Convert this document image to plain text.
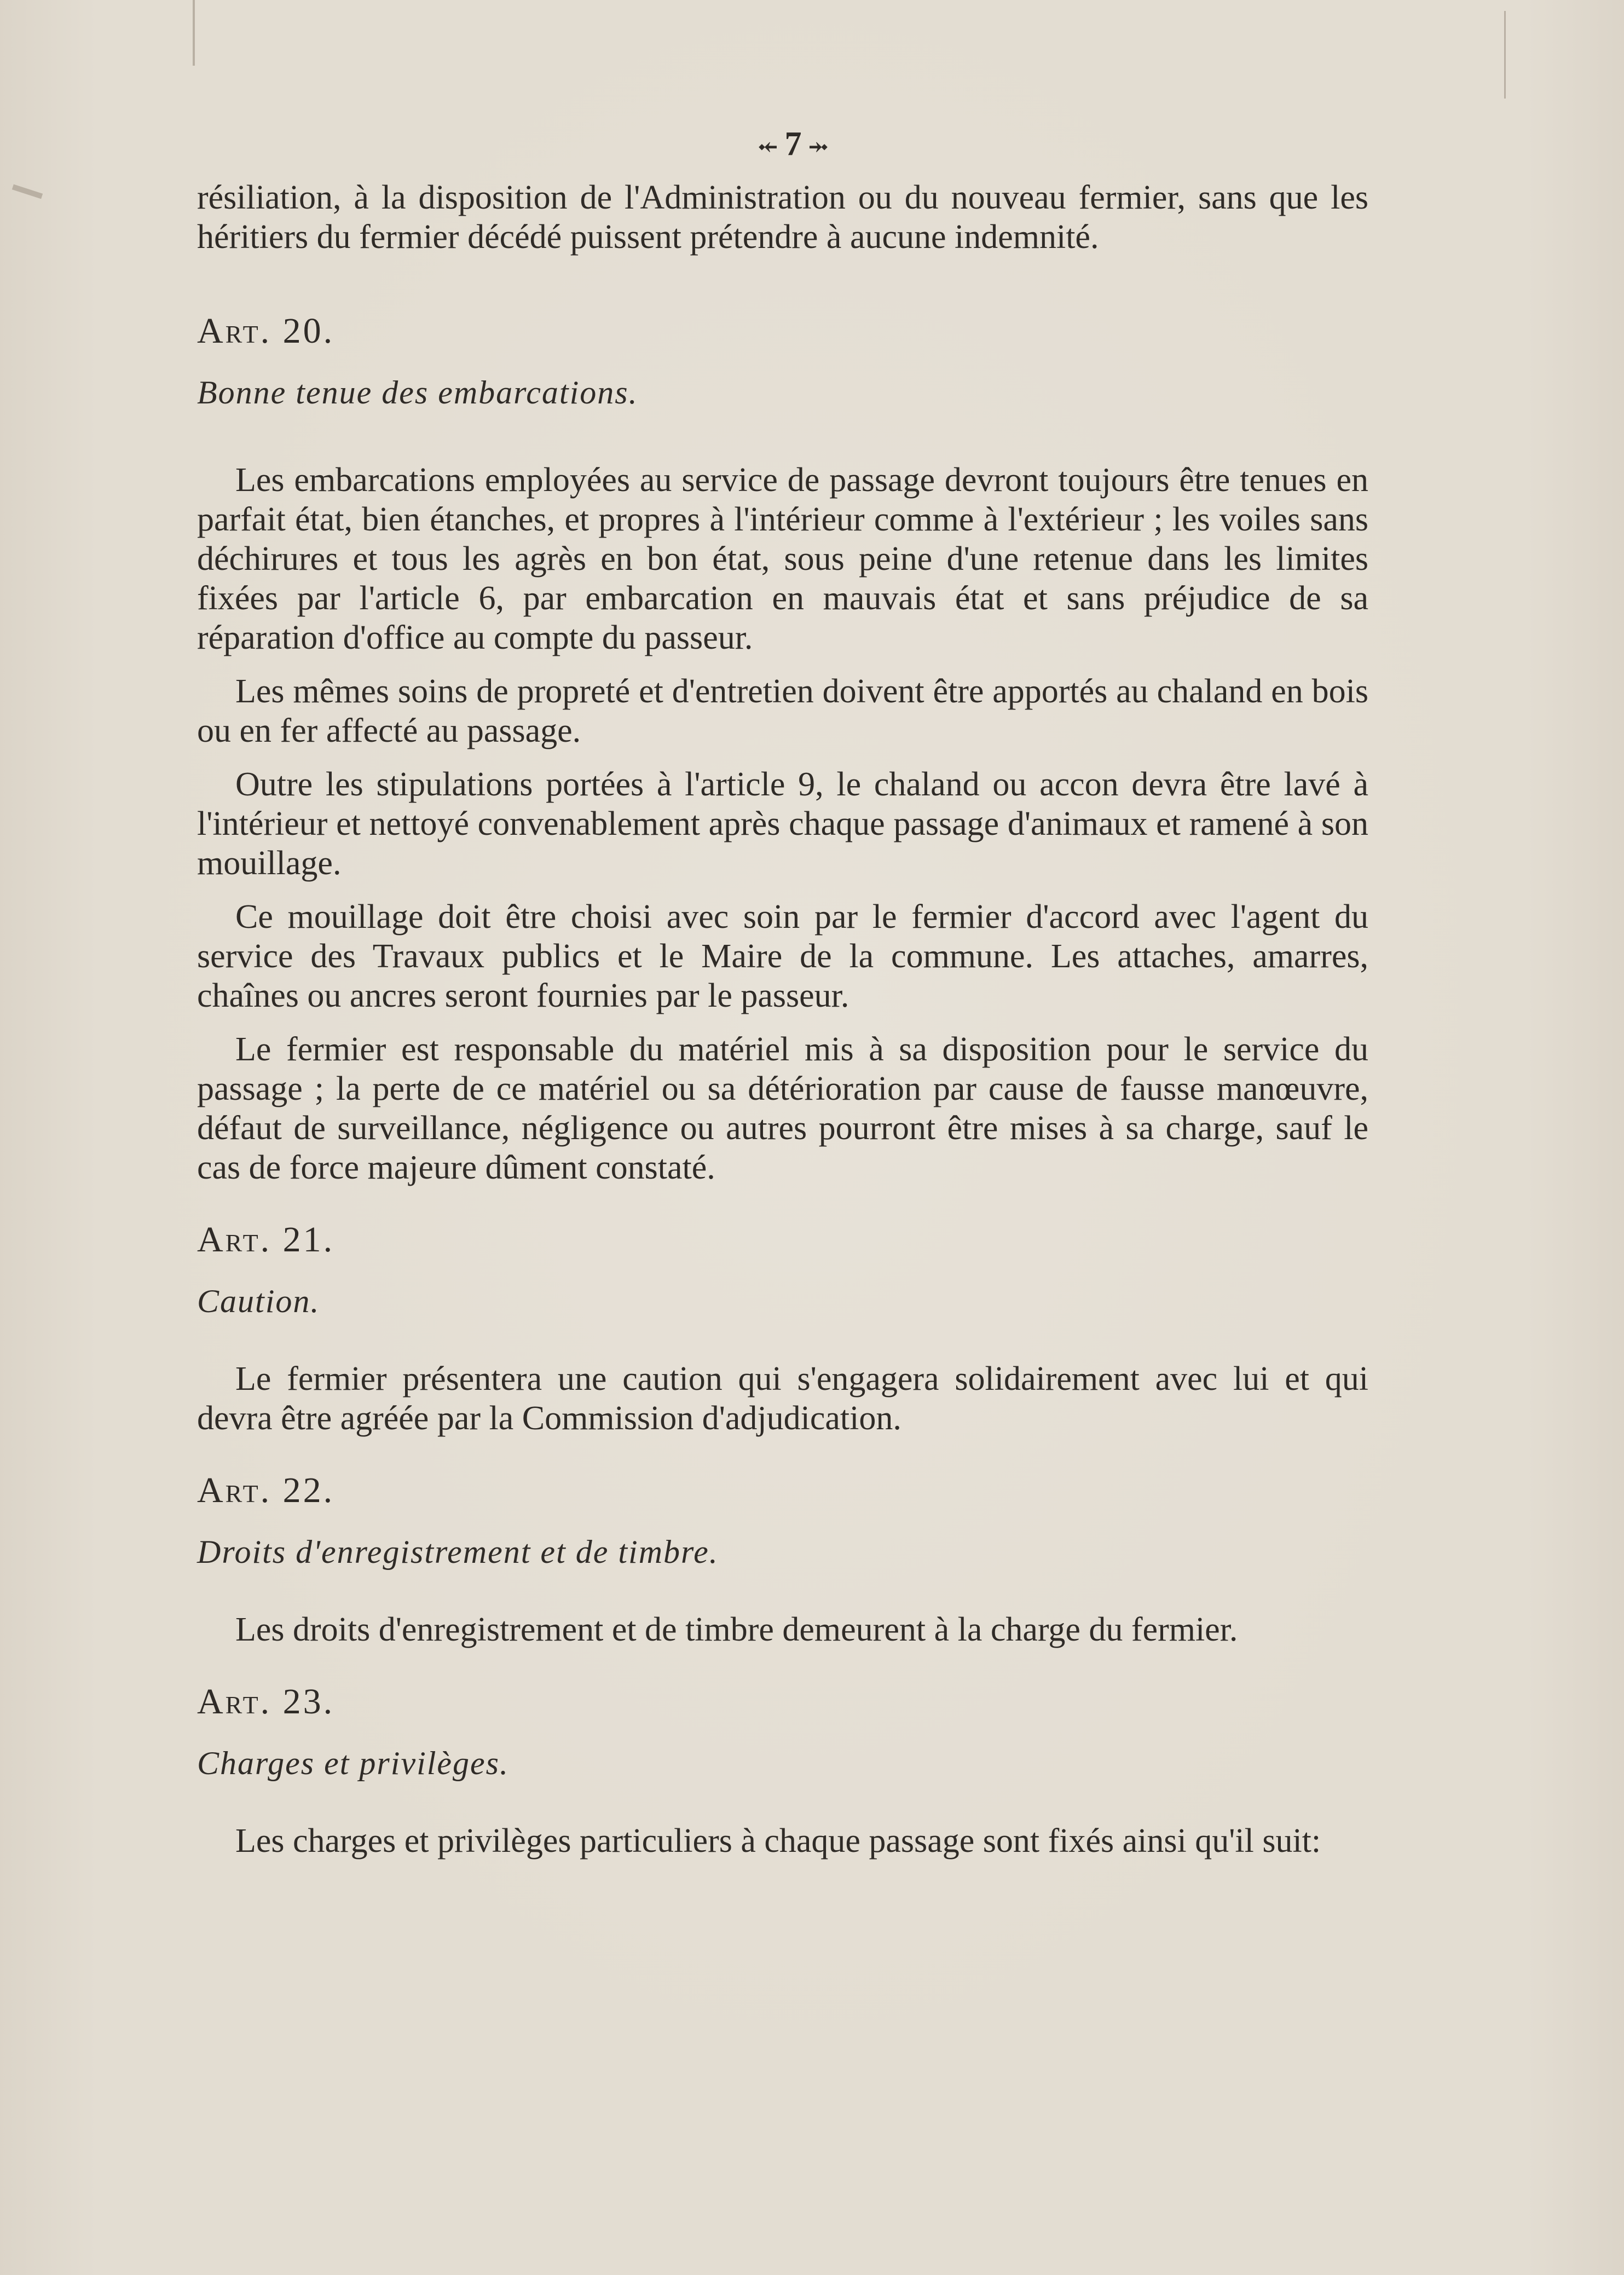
⤝ 7 ⤞

résiliation, à la disposition de l'Administration ou du nouveau fermier, sans que les héritiers du fermier décédé puissent prétendre à aucune indemnité.

Art. 20.

Bonne tenue des embarcations.

Les embarcations employées au service de passage devront toujours être tenues en parfait état, bien étanches, et propres à l'intérieur comme à l'extérieur ; les voiles sans déchirures et tous les agrès en bon état, sous peine d'une retenue dans les limites fixées par l'article 6, par embarcation en mauvais état et sans préjudice de sa réparation d'office au compte du passeur.

Les mêmes soins de propreté et d'entretien doivent être apportés au chaland en bois ou en fer affecté au passage.

Outre les stipulations portées à l'article 9, le chaland ou accon devra être lavé à l'intérieur et nettoyé convenablement après chaque passage d'animaux et ramené à son mouillage.

Ce mouillage doit être choisi avec soin par le fermier d'accord avec l'agent du service des Travaux publics et le Maire de la commune. Les attaches, amarres, chaînes ou ancres seront fournies par le passeur.

Le fermier est responsable du matériel mis à sa disposition pour le service du passage ; la perte de ce matériel ou sa détérioration par cause de fausse manœuvre, défaut de surveillance, négligence ou autres pourront être mises à sa charge, sauf le cas de force majeure dûment constaté.

Art. 21.

Caution.

Le fermier présentera une caution qui s'engagera solidairement avec lui et qui devra être agréée par la Commission d'adjudication.

Art. 22.

Droits d'enregistrement et de timbre.

Les droits d'enregistrement et de timbre demeurent à la charge du fermier.

Art. 23.

Charges et privilèges.

Les charges et privilèges particuliers à chaque passage sont fixés ainsi qu'il suit:
